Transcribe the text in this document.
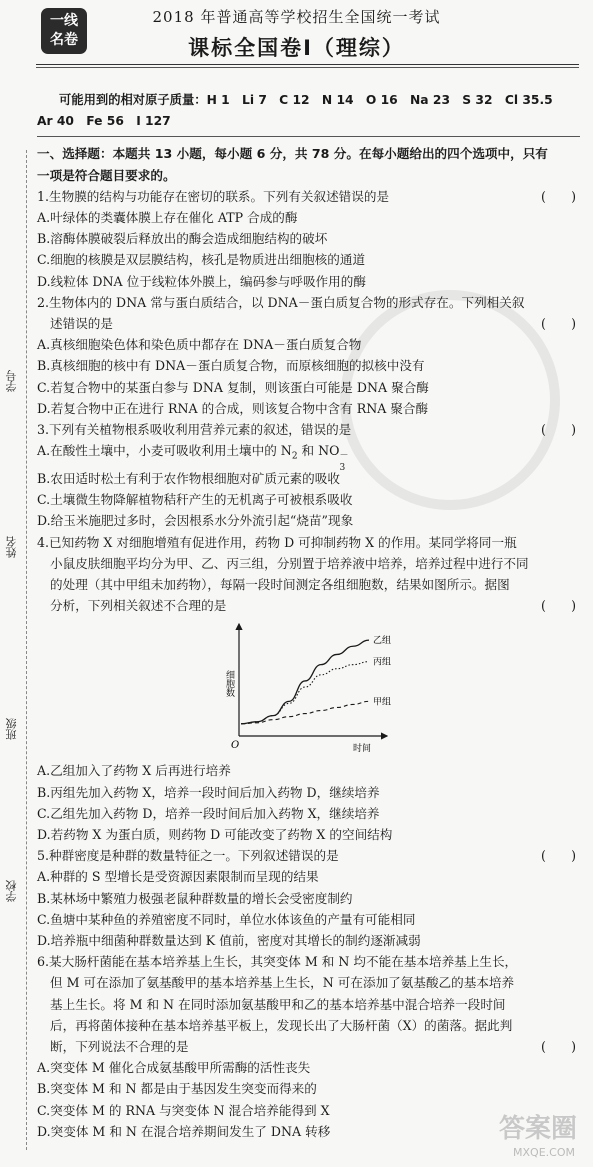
一线
名卷
2018 年普通高等学校招生全国统一考试
课标全国卷Ⅰ（理综）
学号
姓名
班级
学校
可能用到的相对原子质量：H 1　Li 7　C 12　N 14　O 16　Na 23　S 32　Cl 35.5
Ar 40　Fe 56　I 127
一、选择题：本题共 13 小题，每小题 6 分，共 78 分。在每小题给出的四个选项中，只有
一项是符合题目要求的。
1.生物膜的结构与功能存在密切的联系。下列有关叙述错误的是	(　　)
A.叶绿体的类囊体膜上存在催化 ATP 合成的酶
B.溶酶体膜破裂后释放出的酶会造成细胞结构的破坏
C.细胞的核膜是双层膜结构，核孔是物质进出细胞核的通道
D.线粒体 DNA 位于线粒体外膜上，编码参与呼吸作用的酶
2.生物体内的 DNA 常与蛋白质结合，以 DNA－蛋白质复合物的形式存在。下列相关叙
述错误的是	(　　)
A.真核细胞染色体和染色质中都存在 DNA－蛋白质复合物
B.真核细胞的核中有 DNA－蛋白质复合物，而原核细胞的拟核中没有
C.若复合物中的某蛋白参与 DNA 复制，则该蛋白可能是 DNA 聚合酶
D.若复合物中正在进行 RNA 的合成，则该复合物中含有 RNA 聚合酶
3.下列有关植物根系吸收利用营养元素的叙述，错误的是	(　　)
A.在酸性土壤中，小麦可吸收利用土壤中的 $N_2$ 和 NO －
3
B.农田适时松土有利于农作物根细胞对矿质元素的吸收
C.土壤微生物降解植物秸秆产生的无机离子可被根系吸收
D.给玉米施肥过多时，会因根系水分外流引起“烧苗”现象
4.已知药物 X 对细胞增殖有促进作用，药物 D 可抑制药物 X 的作用。某同学将同一瓶
小鼠皮肤细胞平均分为甲、乙、丙三组，分别置于培养液中培养，培养过程中进行不同
的处理（其中甲组未加药物），每隔一段时间测定各组细胞数，结果如图所示。据图
分析，下列相关叙述不合理的是	(　　)
细胞数
时间
O
乙组
丙组
甲组
A.乙组加入了药物 X 后再进行培养
B.丙组先加入药物 X，培养一段时间后加入药物 D，继续培养
C.乙组先加入药物 D，培养一段时间后加入药物 X，继续培养
D.若药物 X 为蛋白质，则药物 D 可能改变了药物 X 的空间结构
5.种群密度是种群的数量特征之一。下列叙述错误的是	(　　)
A.种群的 S 型增长是受资源因素限制而呈现的结果
B.某林场中繁殖力极强老鼠种群数量的增长会受密度制约
C.鱼塘中某种鱼的养殖密度不同时，单位水体该鱼的产量有可能相同
D.培养瓶中细菌种群数量达到 K 值前，密度对其增长的制约逐渐减弱
6.某大肠杆菌能在基本培养基上生长，其突变体 M 和 N 均不能在基本培养基上生长，
但 M 可在添加了氨基酸甲的基本培养基上生长，N 可在添加了氨基酸乙的基本培养
基上生长。将 M 和 N 在同时添加氨基酸甲和乙的基本培养基中混合培养一段时间
后，再将菌体接种在基本培养基平板上，发现长出了大肠杆菌（X）的菌落。据此判
断，下列说法不合理的是	(　　)
A.突变体 M 催化合成氨基酸甲所需酶的活性丧失
B.突变体 M 和 N 都是由于基因发生突变而得来的
C.突变体 M 的 RNA 与突变体 N 混合培养能得到 X
D.突变体 M 和 N 在混合培养期间发生了 DNA 转移	答案圈
MXQE.COM
